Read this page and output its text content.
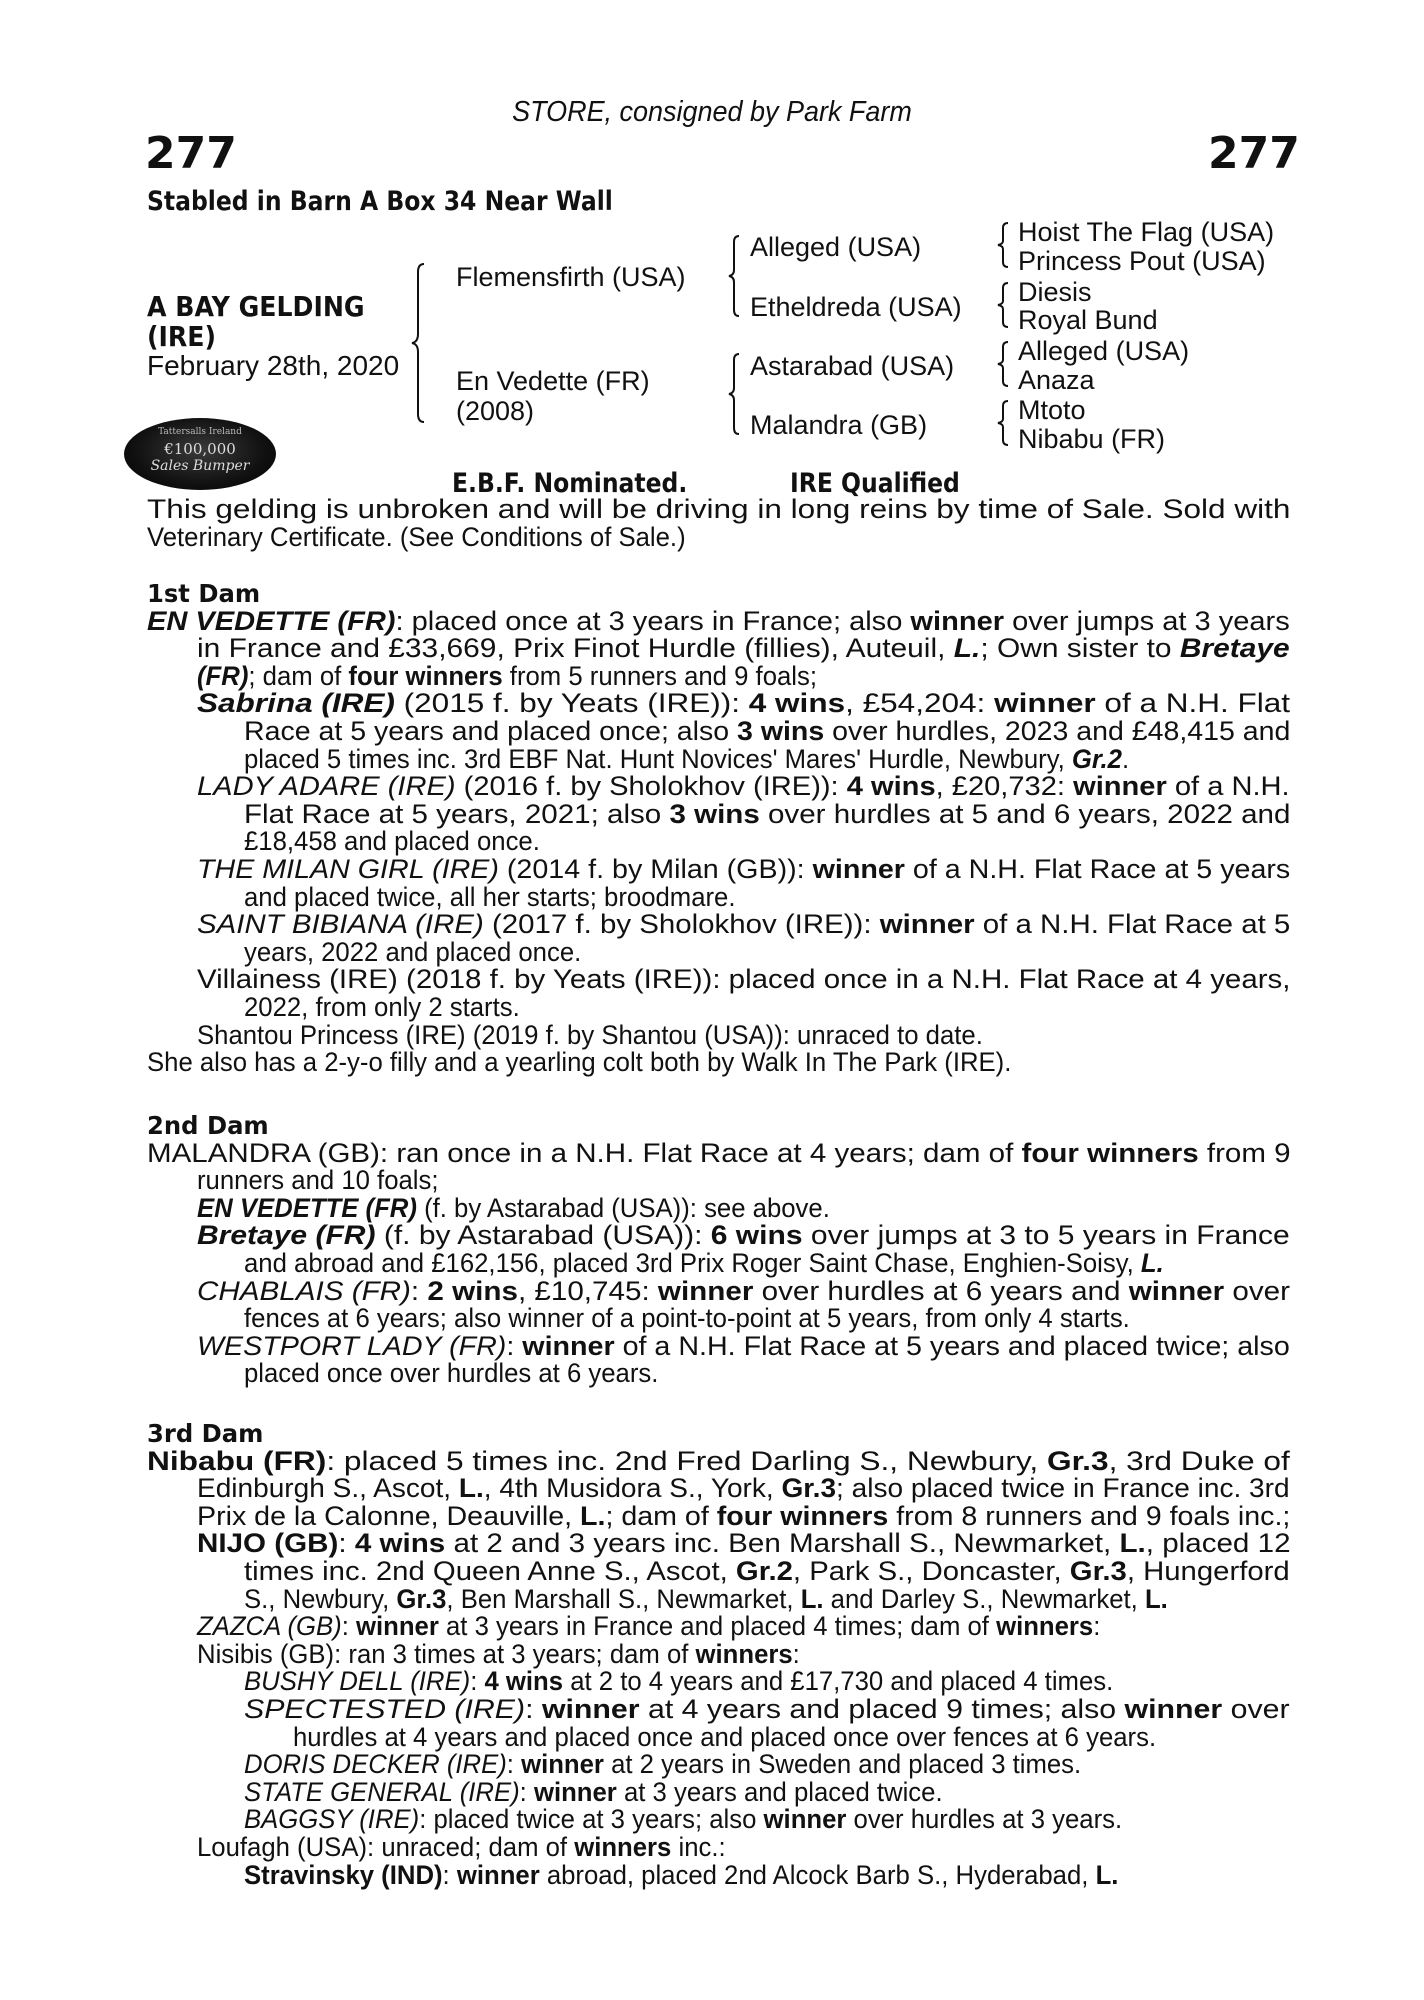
STORE, consigned by Park Farm
277	277
Stabled in Barn A Box 34 Near Wall
A BAY GELDING
(IRE)
February 28th, 2020
Flemensfirth (USA)
En Vedette (FR)
(2008)
Alleged (USA)
Etheldreda (USA)
Astarabad (USA)
Malandra (GB)
Hoist The Flag (USA)
Princess Pout (USA)
Diesis
Royal Bund
Alleged (USA)
Anaza
Mtoto
Nibabu (FR)
Tattersalls Ireland
€100,000
Sales Bumper
E.B.F. Nominated.	IRE Qualified
This gelding is unbroken and will be driving in long reins by time of Sale. Sold with
Veterinary Certificate. (See Conditions of Sale.)
1st Dam
EN VEDETTE (FR): placed once at 3 years in France; also winner over jumps at 3 years
in France and £33,669, Prix Finot Hurdle (fillies), Auteuil, L.; Own sister to Bretaye
(FR); dam of four winners from 5 runners and 9 foals;
Sabrina (IRE) (2015 f. by Yeats (IRE)): 4 wins, £54,204: winner of a N.H. Flat
Race at 5 years and placed once; also 3 wins over hurdles, 2023 and £48,415 and
placed 5 times inc. 3rd EBF Nat. Hunt Novices' Mares' Hurdle, Newbury, Gr.2.
LADY ADARE (IRE) (2016 f. by Sholokhov (IRE)): 4 wins, £20,732: winner of a N.H.
Flat Race at 5 years, 2021; also 3 wins over hurdles at 5 and 6 years, 2022 and
£18,458 and placed once.
THE MILAN GIRL (IRE) (2014 f. by Milan (GB)): winner of a N.H. Flat Race at 5 years
and placed twice, all her starts; broodmare.
SAINT BIBIANA (IRE) (2017 f. by Sholokhov (IRE)): winner of a N.H. Flat Race at 5
years, 2022 and placed once.
Villainess (IRE) (2018 f. by Yeats (IRE)): placed once in a N.H. Flat Race at 4 years,
2022, from only 2 starts.
Shantou Princess (IRE) (2019 f. by Shantou (USA)): unraced to date.
She also has a 2-y-o filly and a yearling colt both by Walk In The Park (IRE).
2nd Dam
MALANDRA (GB): ran once in a N.H. Flat Race at 4 years; dam of four winners from 9
runners and 10 foals;
EN VEDETTE (FR) (f. by Astarabad (USA)): see above.
Bretaye (FR) (f. by Astarabad (USA)): 6 wins over jumps at 3 to 5 years in France
and abroad and £162,156, placed 3rd Prix Roger Saint Chase, Enghien-Soisy, L.
CHABLAIS (FR): 2 wins, £10,745: winner over hurdles at 6 years and winner over
fences at 6 years; also winner of a point-to-point at 5 years, from only 4 starts.
WESTPORT LADY (FR): winner of a N.H. Flat Race at 5 years and placed twice; also
placed once over hurdles at 6 years.
3rd Dam
Nibabu (FR): placed 5 times inc. 2nd Fred Darling S., Newbury, Gr.3, 3rd Duke of
Edinburgh S., Ascot, L., 4th Musidora S., York, Gr.3; also placed twice in France inc. 3rd
Prix de la Calonne, Deauville, L.; dam of four winners from 8 runners and 9 foals inc.;
NIJO (GB): 4 wins at 2 and 3 years inc. Ben Marshall S., Newmarket, L., placed 12
times inc. 2nd Queen Anne S., Ascot, Gr.2, Park S., Doncaster, Gr.3, Hungerford
S., Newbury, Gr.3, Ben Marshall S., Newmarket, L. and Darley S., Newmarket, L.
ZAZCA (GB): winner at 3 years in France and placed 4 times; dam of winners:
Nisibis (GB): ran 3 times at 3 years; dam of winners:
BUSHY DELL (IRE): 4 wins at 2 to 4 years and £17,730 and placed 4 times.
SPECTESTED (IRE): winner at 4 years and placed 9 times; also winner over
hurdles at 4 years and placed once and placed once over fences at 6 years.
DORIS DECKER (IRE): winner at 2 years in Sweden and placed 3 times.
STATE GENERAL (IRE): winner at 3 years and placed twice.
BAGGSY (IRE): placed twice at 3 years; also winner over hurdles at 3 years.
Loufagh (USA): unraced; dam of winners inc.:
Stravinsky (IND): winner abroad, placed 2nd Alcock Barb S., Hyderabad, L.
